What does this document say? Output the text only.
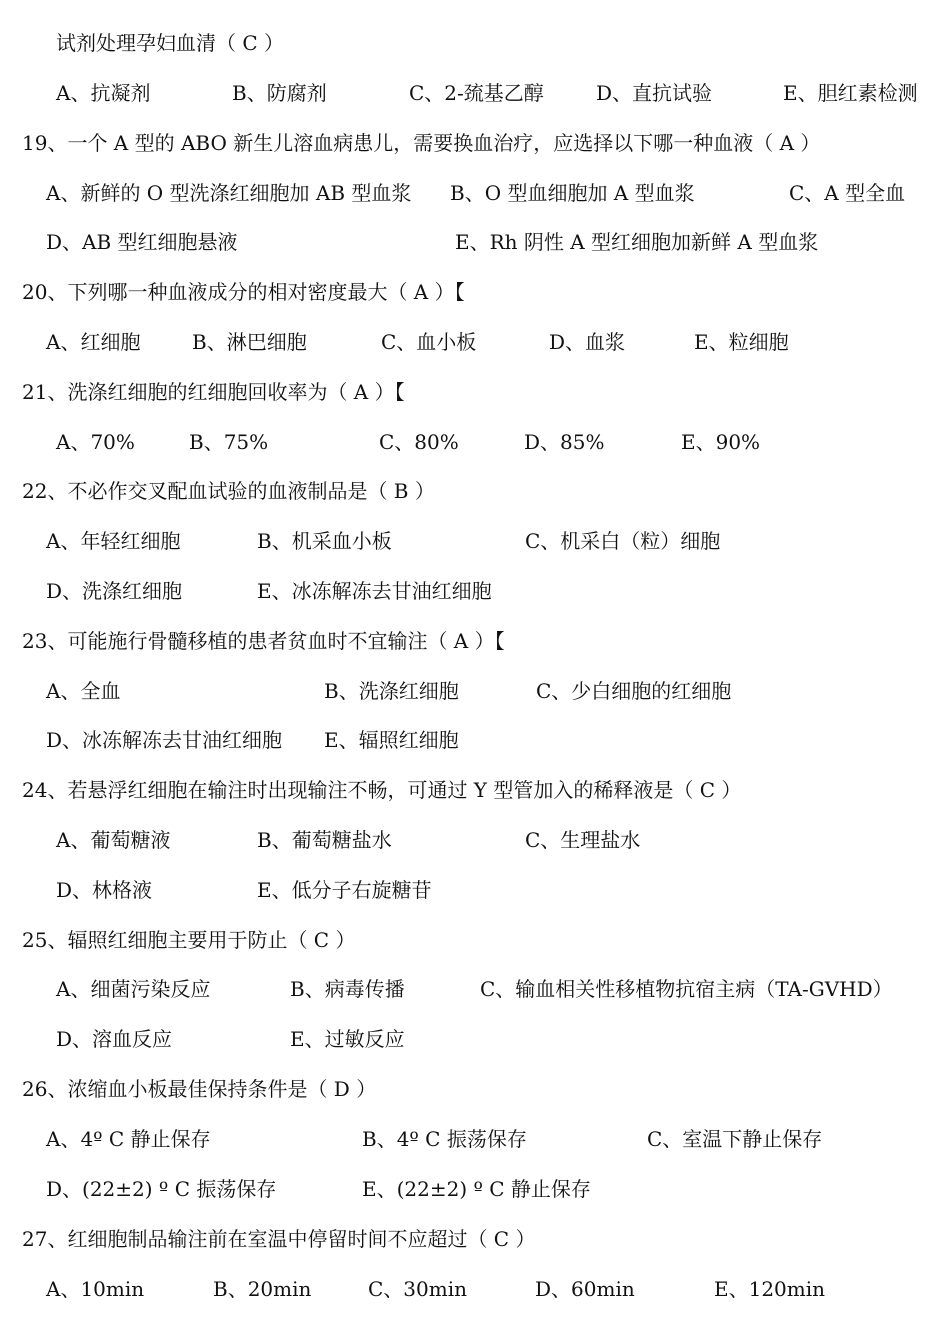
试剂处理孕妇血清（ C ）
A、抗凝剂	B、防腐剂	C、2-巯基乙醇	D、直抗试验	E、胆红素检测
19、一个 A 型的 ABO 新生儿溶血病患儿，需要换血治疗，应选择以下哪一种血液（ A ）
A、新鲜的 O 型洗涤红细胞加 AB 型血浆 B、O 型血细胞加 A 型血浆	C、A 型全血
D、AB 型红细胞悬液	E、Rh 阴性 A 型红细胞加新鲜 A 型血浆
20、下列哪一种血液成分的相对密度最大（ A ）【
A、红细胞	B、淋巴细胞	C、血小板	D、血浆	E、粒细胞
21、洗涤红细胞的红细胞回收率为（ A ）【
A、70%	B、75%	C、80%	D、85%	E、90%
22、不必作交叉配血试验的血液制品是（ B ）
A、年轻红细胞	B、机采血小板	C、机采白（粒）细胞
D、洗涤红细胞	E、冰冻解冻去甘油红细胞
23、可能施行骨髓移植的患者贫血时不宜输注（ A ）【
A、全血	B、洗涤红细胞	C、少白细胞的红细胞
D、冰冻解冻去甘油红细胞 E、辐照红细胞
24、若悬浮红细胞在输注时出现输注不畅，可通过 Y 型管加入的稀释液是（ C ）
A、葡萄糖液	B、葡萄糖盐水	C、生理盐水
D、林格液	E、低分子右旋糖苷
25、辐照红细胞主要用于防止（ C ）
A、细菌污染反应	B、病毒传播	C、输血相关性移植物抗宿主病（TA-GVHD）
D、溶血反应	E、过敏反应
26、浓缩血小板最佳保持条件是（ D ）
A、4º C 静止保存	B、4º C 振荡保存	C、室温下静止保存
D、(22±2) º C 振荡保存	E、(22±2) º C 静止保存
27、红细胞制品输注前在室温中停留时间不应超过（ C ）
A、10min	B、20min	C、30min	D、60min	E、120min
